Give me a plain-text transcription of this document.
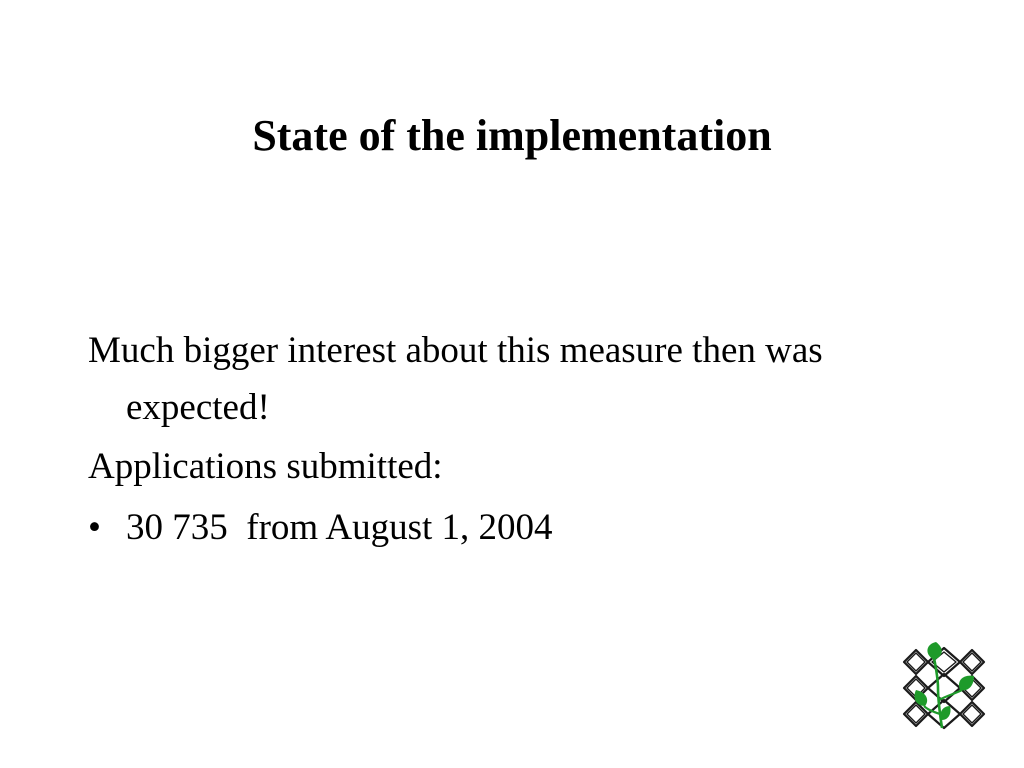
State of the implementation

Much bigger interest about this measure then was expected!

Applications submitted:

• 30 735  from August 1, 2004
